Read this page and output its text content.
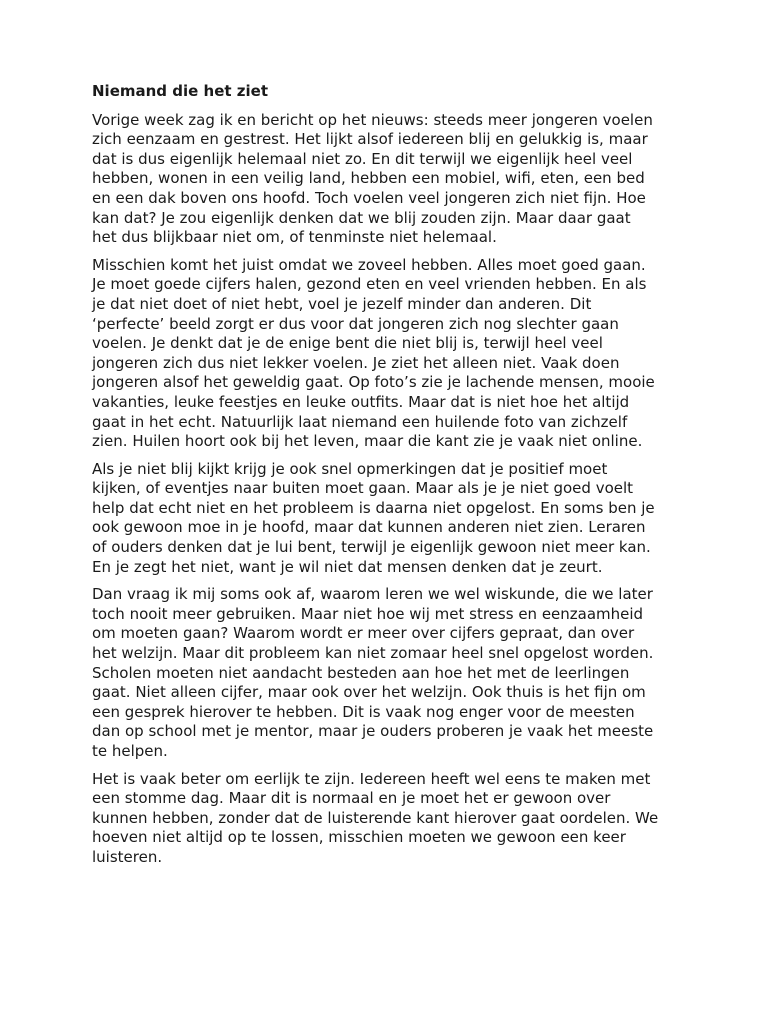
Niemand die het ziet

Vorige week zag ik en bericht op het nieuws: steeds meer jongeren voelen
zich eenzaam en gestrest. Het lijkt alsof iedereen blij en gelukkig is, maar
dat is dus eigenlijk helemaal niet zo. En dit terwijl we eigenlijk heel veel
hebben, wonen in een veilig land, hebben een mobiel, wifi, eten, een bed
en een dak boven ons hoofd. Toch voelen veel jongeren zich niet fijn. Hoe
kan dat? Je zou eigenlijk denken dat we blij zouden zijn. Maar daar gaat
het dus blijkbaar niet om, of tenminste niet helemaal.

Misschien komt het juist omdat we zoveel hebben. Alles moet goed gaan.
Je moet goede cijfers halen, gezond eten en veel vrienden hebben. En als
je dat niet doet of niet hebt, voel je jezelf minder dan anderen. Dit
‘perfecte’ beeld zorgt er dus voor dat jongeren zich nog slechter gaan
voelen. Je denkt dat je de enige bent die niet blij is, terwijl heel veel
jongeren zich dus niet lekker voelen. Je ziet het alleen niet. Vaak doen
jongeren alsof het geweldig gaat. Op foto’s zie je lachende mensen, mooie
vakanties, leuke feestjes en leuke outfits. Maar dat is niet hoe het altijd
gaat in het echt. Natuurlijk laat niemand een huilende foto van zichzelf
zien. Huilen hoort ook bij het leven, maar die kant zie je vaak niet online.

Als je niet blij kijkt krijg je ook snel opmerkingen dat je positief moet
kijken, of eventjes naar buiten moet gaan. Maar als je je niet goed voelt
help dat echt niet en het probleem is daarna niet opgelost. En soms ben je
ook gewoon moe in je hoofd, maar dat kunnen anderen niet zien. Leraren
of ouders denken dat je lui bent, terwijl je eigenlijk gewoon niet meer kan.
En je zegt het niet, want je wil niet dat mensen denken dat je zeurt.

Dan vraag ik mij soms ook af, waarom leren we wel wiskunde, die we later
toch nooit meer gebruiken. Maar niet hoe wij met stress en eenzaamheid
om moeten gaan? Waarom wordt er meer over cijfers gepraat, dan over
het welzijn. Maar dit probleem kan niet zomaar heel snel opgelost worden.
Scholen moeten niet aandacht besteden aan hoe het met de leerlingen
gaat. Niet alleen cijfer, maar ook over het welzijn. Ook thuis is het fijn om
een gesprek hierover te hebben. Dit is vaak nog enger voor de meesten
dan op school met je mentor, maar je ouders proberen je vaak het meeste
te helpen.

Het is vaak beter om eerlijk te zijn. Iedereen heeft wel eens te maken met
een stomme dag. Maar dit is normaal en je moet het er gewoon over
kunnen hebben, zonder dat de luisterende kant hierover gaat oordelen. We
hoeven niet altijd op te lossen, misschien moeten we gewoon een keer
luisteren.
